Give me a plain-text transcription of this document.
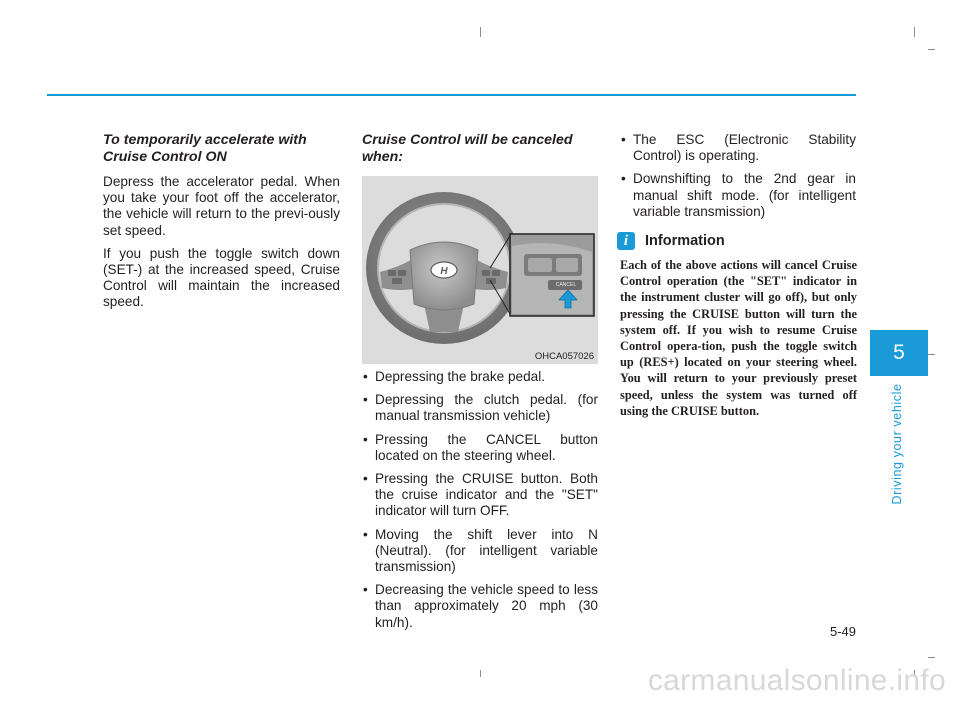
To temporarily accelerate with Cruise Control ON

Depress the accelerator pedal. When you take your foot off the accelerator, the vehicle will return to the previ-ously set speed.

If you push the toggle switch down (SET-) at the increased speed, Cruise Control will maintain the increased speed.

Cruise Control will be canceled when:
H
CANCEL
OHCA057026
• Depressing the brake pedal.
• Depressing the clutch pedal. (for manual transmission vehicle)
• Pressing the CANCEL button located on the steering wheel.
• Pressing the CRUISE button. Both the cruise indicator and the "SET" indicator will turn OFF.
• Moving the shift lever into N (Neutral). (for intelligent variable transmission)
• Decreasing the vehicle speed to less than approximately 20 mph (30 km/h).
• The ESC (Electronic Stability Control) is operating.
• Downshifting to the 2nd gear in manual shift mode. (for intelligent variable transmission)
i	Information
Each of the above actions will cancel Cruise Control operation (the "SET" indicator in the instrument cluster will go off), but only pressing the CRUISE button will turn the system off. If you wish to resume Cruise Control opera-tion, push the toggle switch up (RES+) located on your steering wheel. You will return to your previously preset speed, unless the system was turned off using the CRUISE button.
5
Driving your vehicle
5-49
carmanualsonline.info
